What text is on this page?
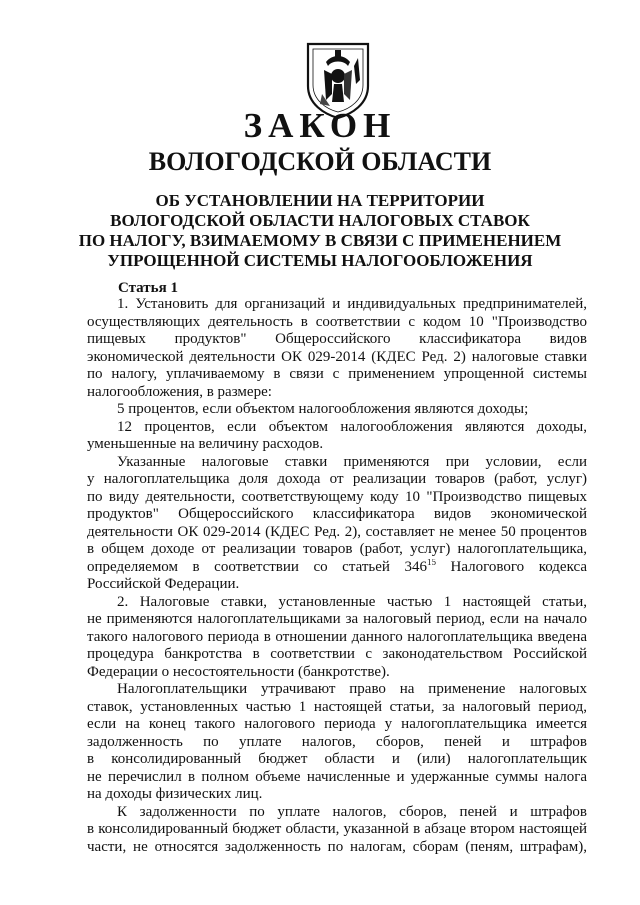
ЗАКОН
ВОЛОГОДСКОЙ ОБЛАСТИ
ОБ УСТАНОВЛЕНИИ НА ТЕРРИТОРИИ
ВОЛОГОДСКОЙ ОБЛАСТИ НАЛОГОВЫХ СТАВОК
ПО НАЛОГУ, ВЗИМАЕМОМУ В СВЯЗИ С ПРИМЕНЕНИЕМ
УПРОЩЕННОЙ СИСТЕМЫ НАЛОГООБЛОЖЕНИЯ
Статья 1
1. Установить для организаций и индивидуальных предпринимателей,
осуществляющих деятельность в соответствии с кодом 10 "Производство
пищевых продуктов" Общероссийского классификатора видов
экономической деятельности ОК 029-2014 (КДЕС Ред. 2) налоговые ставки
по налогу, уплачиваемому в связи с применением упрощенной системы
налогообложения, в размере:
5 процентов, если объектом налогообложения являются доходы;
12 процентов, если объектом налогообложения являются доходы,
уменьшенные на величину расходов.
Указанные налоговые ставки применяются при условии, если
у налогоплательщика доля дохода от реализации товаров (работ, услуг)
по виду деятельности, соответствующему коду 10 "Производство пищевых
продуктов" Общероссийского классификатора видов экономической
деятельности ОК 029-2014 (КДЕС Ред. 2), составляет не менее 50 процентов
в общем доходе от реализации товаров (работ, услуг) налогоплательщика,
определяемом в соответствии со статьей $346^{15}$ Налогового кодекса
Российской Федерации.
2. Налоговые ставки, установленные частью 1 настоящей статьи,
не применяются налогоплательщиками за налоговый период, если на начало
такого налогового периода в отношении данного налогоплательщика введена
процедура банкротства в соответствии с законодательством Российской
Федерации о несостоятельности (банкротстве).
Налогоплательщики утрачивают право на применение налоговых
ставок, установленных частью 1 настоящей статьи, за налоговый период,
если на конец такого налогового периода у налогоплательщика имеется
задолженность по уплате налогов, сборов, пеней и штрафов
в консолидированный бюджет области и (или) налогоплательщик
не перечислил в полном объеме начисленные и удержанные суммы налога
на доходы физических лиц.
К задолженности по уплате налогов, сборов, пеней и штрафов
в консолидированный бюджет области, указанной в абзаце втором настоящей
части, не относятся задолженность по налогам, сборам (пеням, штрафам),
